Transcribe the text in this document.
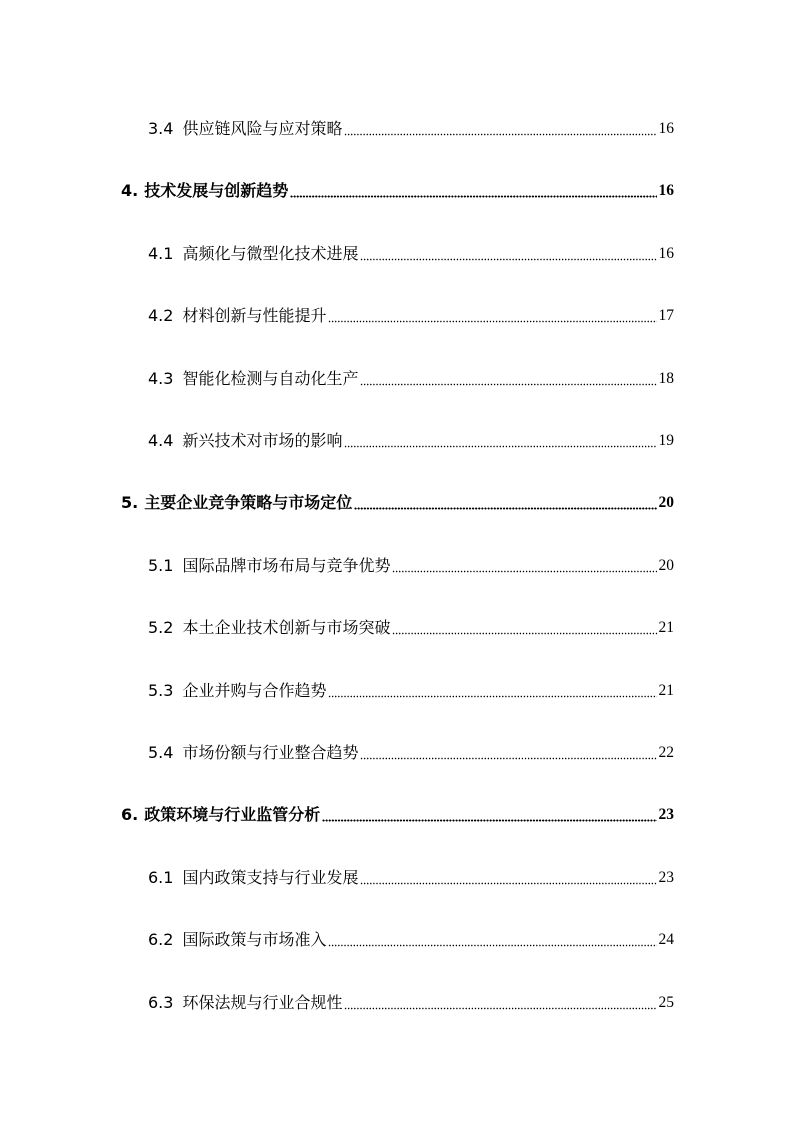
3.4 供应链风险与应对策略	16
4. 技术发展与创新趋势	16
4.1 高频化与微型化技术进展	16
4.2 材料创新与性能提升	17
4.3 智能化检测与自动化生产	18
4.4 新兴技术对市场的影响	19
5. 主要企业竞争策略与市场定位	20
5.1 国际品牌市场布局与竞争优势	20
5.2 本土企业技术创新与市场突破	21
5.3 企业并购与合作趋势	21
5.4 市场份额与行业整合趋势	22
6. 政策环境与行业监管分析	23
6.1 国内政策支持与行业发展	23
6.2 国际政策与市场准入	24
6.3 环保法规与行业合规性	25
